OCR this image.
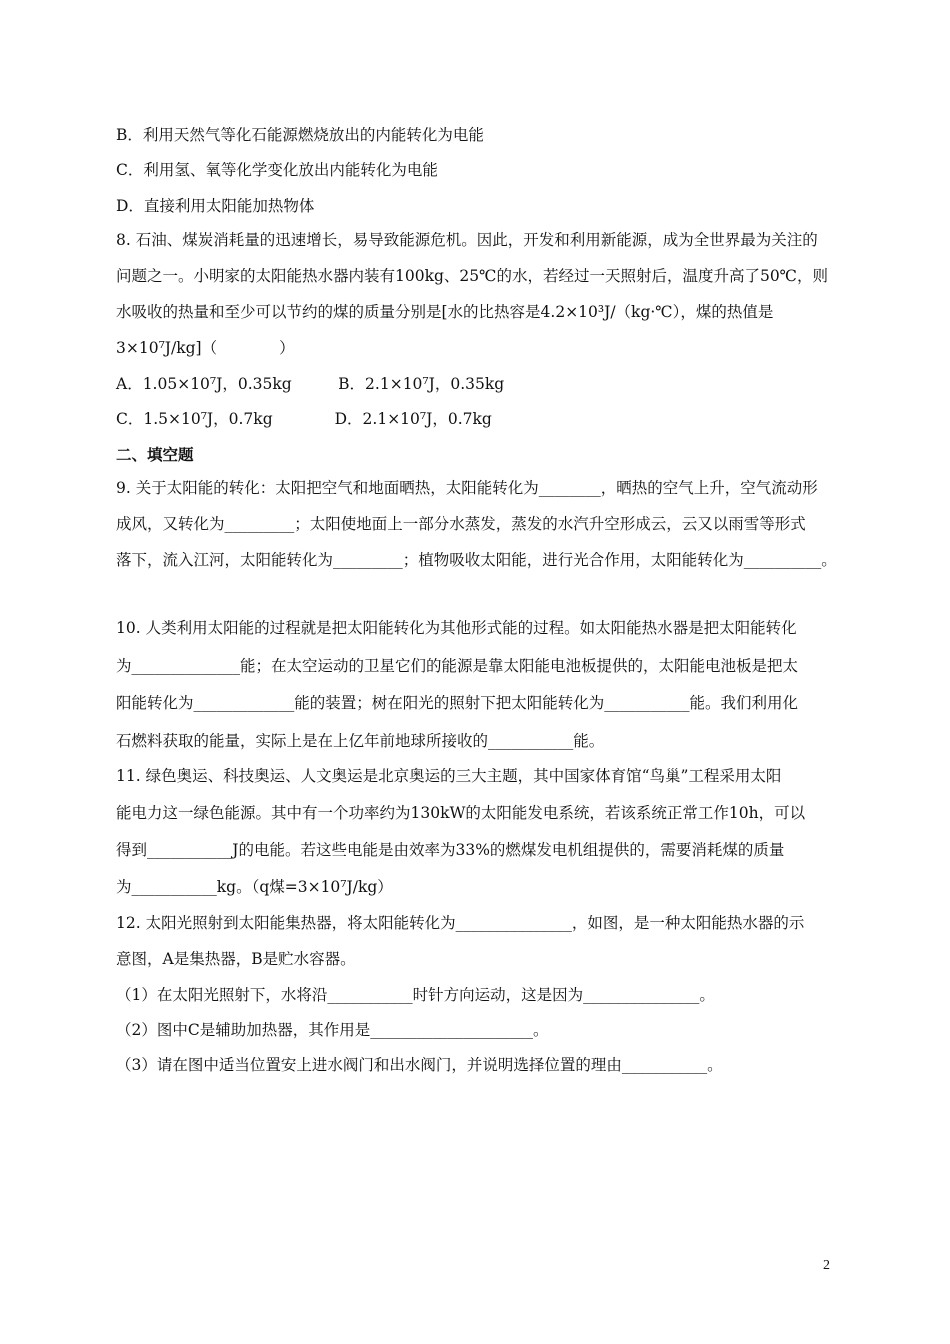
B．利用天然气等化石能源燃烧放出的内能转化为电能
C．利用氢、氧等化学变化放出内能转化为电能
D．直接利用太阳能加热物体
8. 石油、煤炭消耗量的迅速增长，易导致能源危机。因此，开发和利用新能源，成为全世界最为关注的
问题之一。小明家的太阳能热水器内装有100kg、25℃的水，若经过一天照射后，温度升高了50℃，则
水吸收的热量和至少可以节约的煤的质量分别是[水的比热容是4.2×10³J/（kg·℃），煤的热值是
3×10⁷J/kg]（　　　　）
A．1.05×10⁷J，0.35kg　　　B．2.1×10⁷J，0.35kg
C．1.5×10⁷J，0.7kg　　　　D．2.1×10⁷J，0.7kg
二、填空题
9. 关于太阳能的转化：太阳把空气和地面晒热，太阳能转化为________，晒热的空气上升，空气流动形
成风，又转化为_________；太阳使地面上一部分水蒸发，蒸发的水汽升空形成云，云又以雨雪等形式
落下，流入江河，太阳能转化为_________；植物吸收太阳能，进行光合作用，太阳能转化为__________。
10. 人类利用太阳能的过程就是把太阳能转化为其他形式能的过程。如太阳能热水器是把太阳能转化
为______________能；在太空运动的卫星它们的能源是靠太阳能电池板提供的，太阳能电池板是把太
阳能转化为_____________能的装置；树在阳光的照射下把太阳能转化为___________能。我们利用化
石燃料获取的能量，实际上是在上亿年前地球所接收的___________能。
11. 绿色奥运、科技奥运、人文奥运是北京奥运的三大主题，其中国家体育馆“鸟巢”工程采用太阳
能电力这一绿色能源。其中有一个功率约为130kW的太阳能发电系统，若该系统正常工作10h，可以
得到___________J的电能。若这些电能是由效率为33%的燃煤发电机组提供的，需要消耗煤的质量
为___________kg。（q煤=3×10⁷J/kg）
12. 太阳光照射到太阳能集热器，将太阳能转化为_______________，如图，是一种太阳能热水器的示
意图，A是集热器，B是贮水容器。
（1）在太阳光照射下，水将沿___________时针方向运动，这是因为_______________。
（2）图中C是辅助加热器，其作用是_____________________。
（3）请在图中适当位置安上进水阀门和出水阀门，并说明选择位置的理由___________。
2
